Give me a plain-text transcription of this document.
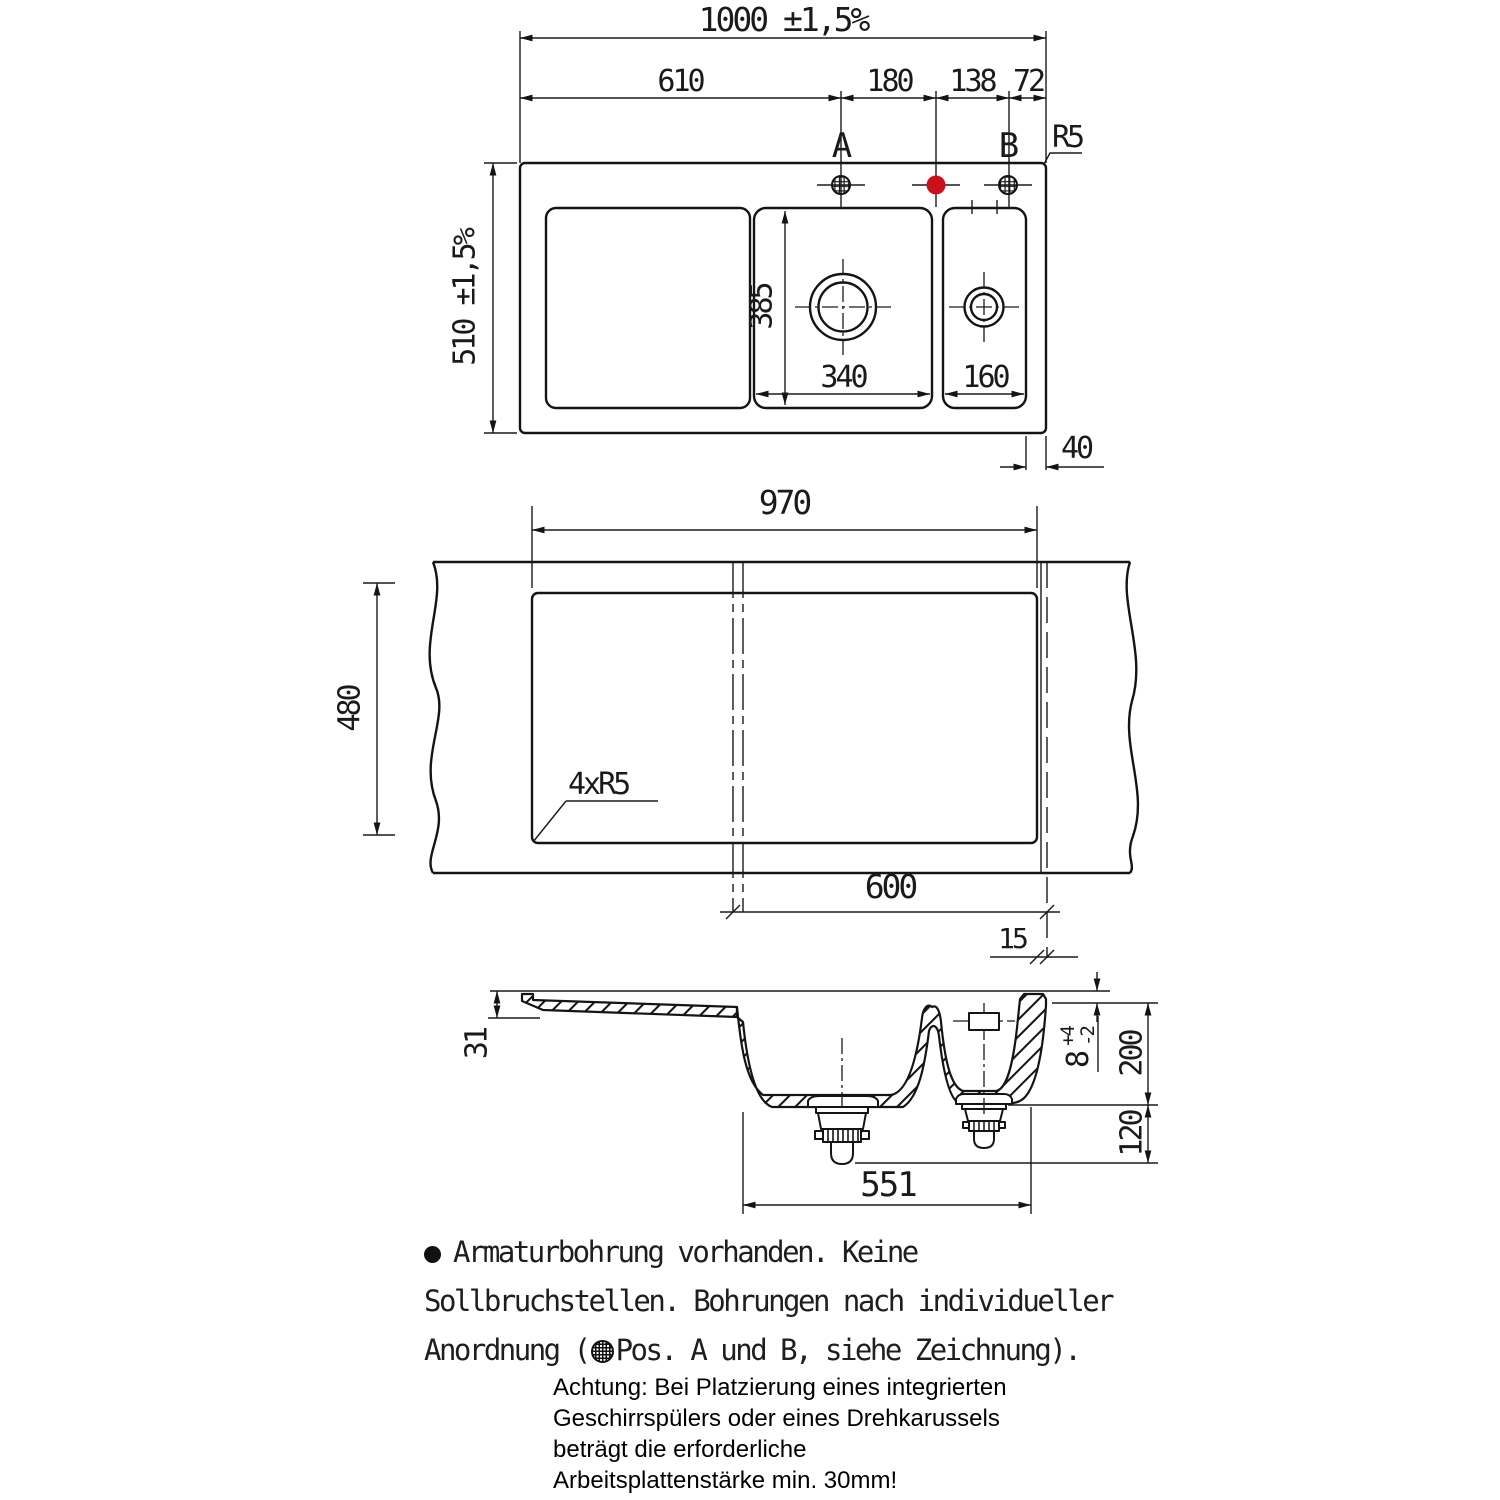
1000 ±1,5%
610	180 138 72
A	B R5
385
340	160
510 ±1,5%
40
970
480
4xR5
600
15
31
8
+4
-2 200
120
551
Armaturbohrung vorhanden. Keine
Sollbruchstellen. Bohrungen nach individueller
Anordnung ( Pos. A und B, siehe Zeichnung).
Achtung: Bei Platzierung eines integrierten
Geschirrspülers oder eines Drehkarussels
beträgt die erforderliche
Arbeitsplattenstärke min. 30mm!
